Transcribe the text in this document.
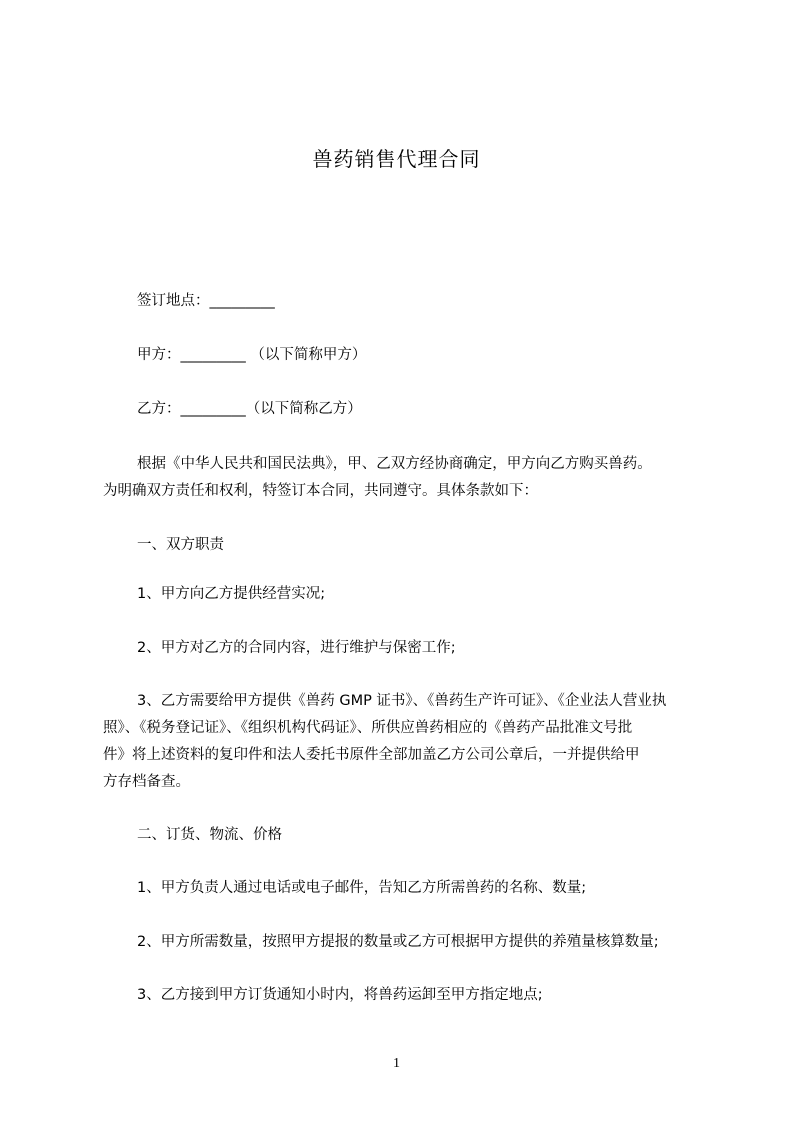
兽药销售代理合同
签订地点：_________
甲方：_________ （以下简称甲方）
乙方：_________（以下简称乙方）
根据《中华人民共和国民法典》，甲、乙双方经协商确定，甲方向乙方购买兽药。
为明确双方责任和权利，特签订本合同，共同遵守。具体条款如下：
一、双方职责
1、甲方向乙方提供经营实况;
2、甲方对乙方的合同内容，进行维护与保密工作;
3、乙方需要给甲方提供《兽药 GMP 证书》、《兽药生产许可证》、《企业法人营业执
照》、《税务登记证》、《组织机构代码证》、所供应兽药相应的《兽药产品批准文号批
件》将上述资料的复印件和法人委托书原件全部加盖乙方公司公章后，一并提供给甲
方存档备查。
二、订货、物流、价格
1、甲方负责人通过电话或电子邮件，告知乙方所需兽药的名称、数量;
2、甲方所需数量，按照甲方提报的数量或乙方可根据甲方提供的养殖量核算数量;
3、乙方接到甲方订货通知小时内，将兽药运卸至甲方指定地点;
1
